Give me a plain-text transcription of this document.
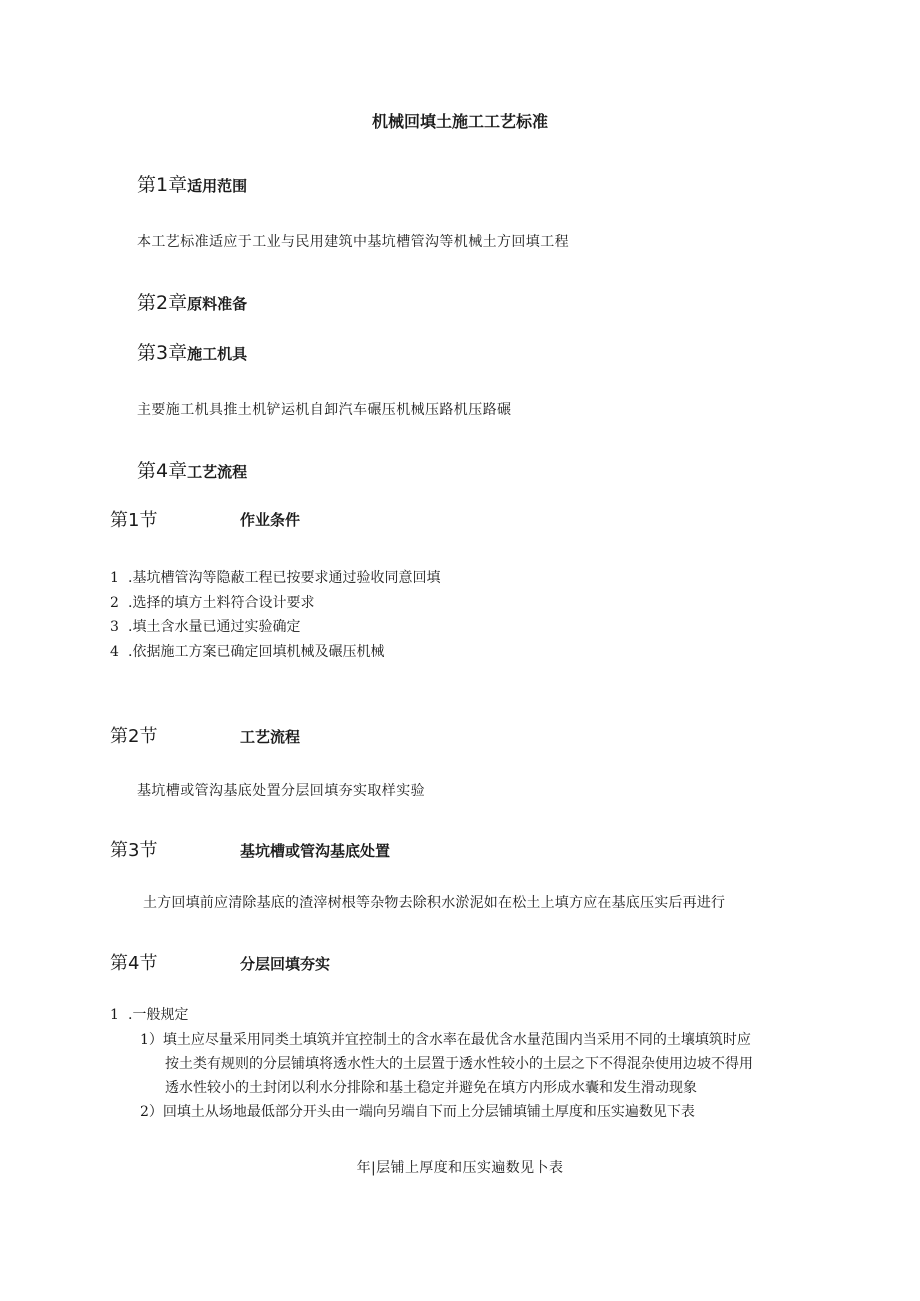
机械回填土施工工艺标准
第1章适用范围
本工艺标准适应于工业与民用建筑中基坑槽管沟等机械土方回填工程
第2章原料准备
第3章施工机具
主要施工机具推土机铲运机自卸汽车碾压机械压路机压路碾
第4章工艺流程
第1节	作业条件
1 .基坑槽管沟等隐蔽工程已按要求通过验收同意回填
2 .选择的填方土料符合设计要求
3 .填土含水量已通过实验确定
4 .依据施工方案已确定回填机械及碾压机械
第2节	工艺流程
基坑槽或管沟基底处置分层回填夯实取样实验
第3节	基坑槽或管沟基底处置
土方回填前应清除基底的渣滓树根等杂物去除积水淤泥如在松土上填方应在基底压实后再进行
第4节	分层回填夯实
1 .一般规定
1）填土应尽量采用同类土填筑并宜控制土的含水率在最优含水量范围内当采用不同的土壤填筑时应
按土类有规则的分层铺填将透水性大的土层置于透水性较小的土层之下不得混杂使用边坡不得用
透水性较小的土封闭以利水分排除和基土稳定并避免在填方内形成水囊和发生滑动现象
2）回填土从场地最低部分开头由一端向另端自下而上分层铺填铺土厚度和压实遍数见下表
年|层铺上厚度和压实遍数见卜表
